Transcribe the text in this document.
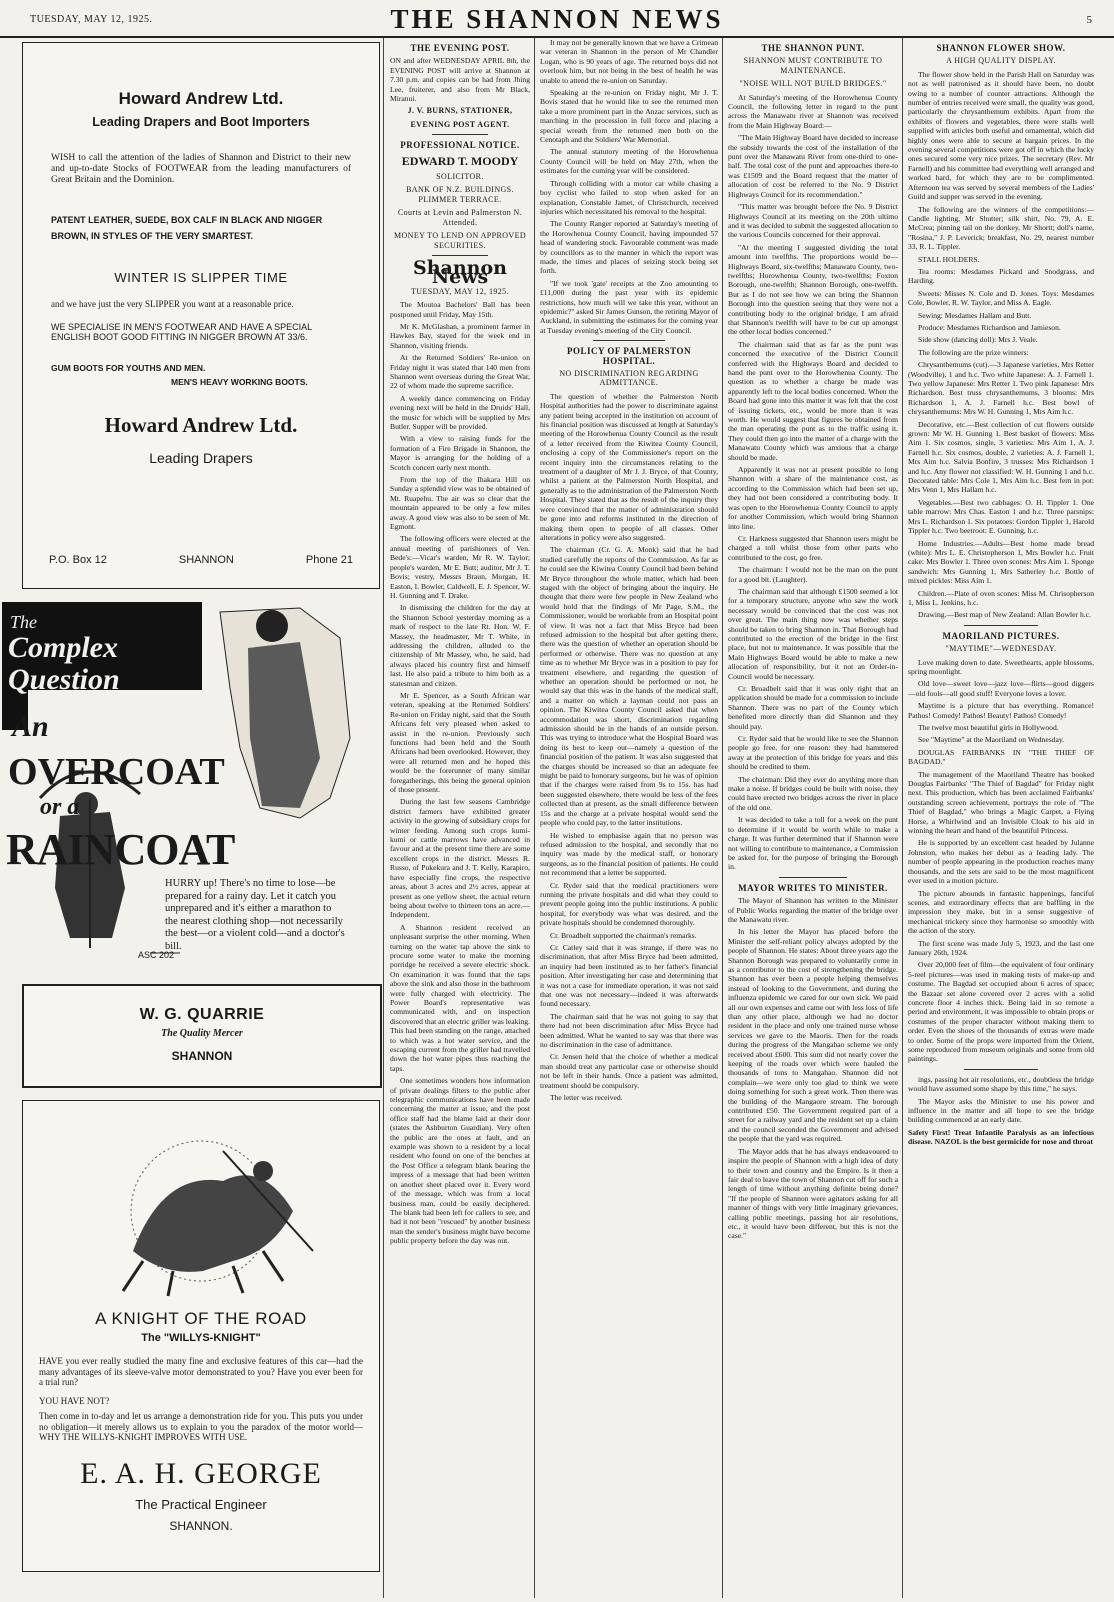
TUESDAY, MAY 12, 1925.	THE SHANNON NEWS	5
Howard Andrew Ltd.
Leading Drapers and Boot Importers
WISH to call the attention of the ladies of Shannon and District to their new and up-to-date Stocks of FOOTWEAR from the leading manufacturers of Great Britain and the Dominion.
PATENT LEATHER, SUEDE, BOX CALF IN BLACK AND NIGGER BROWN, IN STYLES OF THE VERY SMARTEST.
WINTER IS SLIPPER TIME
and we have just the very SLIPPER you want at a reasonable price.
WE SPECIALISE IN MEN'S FOOTWEAR AND HAVE A SPECIAL ENGLISH BOOT GOOD FITTING IN NIGGER BROWN AT 33/6.
GUM BOOTS FOR YOUTHS AND MEN.
MEN'S HEAVY WORKING BOOTS.
Howard Andrew Ltd.
Leading Drapers
P.O. Box 12	SHANNON	Phone 21
The
Complex Question
An
OVERCOAT
or a
RAINCOAT
HURRY up! There's no time to lose—be prepared for a rainy day. Let it catch you unprepared and it's either a marathon to the nearest clothing shop—not necessarily the best—or a violent cold—and a doctor's bill.
ASC 202
W. G. QUARRIE
The Quality Mercer
SHANNON
A KNIGHT OF THE ROAD
The "WILLYS-KNIGHT"
HAVE you ever really studied the many fine and exclusive features of this car—had the many advantages of its sleeve-valve motor demonstrated to you? Have you ever been for a trial run?
YOU HAVE NOT?
Then come in to-day and let us arrange a demonstration ride for you. This puts you under no obligation—it merely allows us to explain to you the paradox of the motor world—WHY THE WILLYS-KNIGHT IMPROVES WITH USE.
E. A. H. GEORGE
The Practical Engineer
SHANNON.
THE EVENING POST.

ON and after WEDNESDAY APRIL 8th, the EVENING POST will arrive at Shannon at 7.30 p.m. and copies can be had from Jhing Lee, fruiterer, and also from Mr Black, Miranui.

J. V. BURNS, STATIONER,
EVENING POST AGENT.
PROFESSIONAL NOTICE.
EDWARD T. MOODY
SOLICITOR.
BANK OF N.Z. BUILDINGS. PLIMMER TERRACE.
Courts at Levin and Palmerston N. Attended.
MONEY TO LEND ON APPROVED SECURITIES.
Shannon News
TUESDAY, MAY 12, 1925.

The Moutoa Bachelors' Ball has been postponed until Friday, May 15th.

Mr K. McGlashan, a prominent farmer in Hawkes Bay, stayed for the week end in Shannon, visiting friends.

At the Returned Soldiers' Re-union on Friday night it was stated that 140 men from Shannon went overseas during the Great War, 22 of whom made the supreme sacrifice.

A weekly dance commencing on Friday evening next will be held in the Druids' Hall, the music for which will be supplied by Mrs Butler. Supper will be provided.

With a view to raising funds for the formation of a Fire Brigade in Shannon, the Mayor is arranging for the holding of a Scotch concert early next month.

From the top of the Ihakara Hill on Sunday a splendid view was to be obtained of Mt. Ruapehu. The air was so clear that the mountain appeared to be only a few miles away. A good view was also to be seen of Mt. Egmont.

The following officers were elected at the annual meeting of parishioners of Ven. Bede's:—Vicar's warden, Mr R. W. Taylor; people's warden, Mr E. Butt; auditor, Mr J. T. Bovis; vestry, Messrs Braun, Morgan, H. Easton, I. Bowler, Caldwell, E. J. Spencer, W. H. Gunning and T. Drake.

In dismissing the children for the day at the Shannon School yesterday morning as a mark of respect to the late Rt. Hon. W. F. Massey, the headmaster, Mr T. White, in addressing the children, alluded to the citizenship of Mr Massey, who, he said, had always placed his country first and himself last. He also paid a tribute to him both as a statesman and citizen.

Mr E. Spencer, as a South African war veteran, speaking at the Returned Soldiers' Re-union on Friday night, said that the South Africans felt very pleased when asked to assist in the re-union. Previously such functions had been held and the South Africans had been overlooked. However, they were all returned men and he hoped this would be the forerunner of many similar foregatherings, this being the general opinion of those present.

During the last few seasons Cambridge district farmers have exhibited greater activity in the growing of subsidiary crops for winter feeding. Among such crops kumi-kumi or cattle marrows have advanced in favour and at the present time there are some excellent crops in the district. Messrs R. Russo, of Pukekura and J. T. Kelly, Karapiro, have especially fine crops, the respective areas, about 3 acres and 2½ acres, appear at present as one yellow sheet, the actual return being about twelve to thirteen tons an acre.—Independent.

A Shannon resident received an unpleasant surprise the other morning. When turning on the water tap above the sink to procure some water to make the morning porridge he received a severe electric shock. On examination it was found that the taps above the sink and also those in the bathroom were fully charged with electricity. The Power Board's representative was communicated with, and on inspection discovered that an electric griller was leaking. This had been standing on the range, attached to which was a hot water service, and the escaping current from the griller had travelled down the hot water pipes thus reaching the taps.

One sometimes wonders how information of private dealings filters to the public after telegraphic communications have been made concerning the matter at issue, and the post office staff had the blame laid at their door (states the Ashburton Guardian). Very often the public are the ones at fault, and an example was shown to a resident by a local resident who found on one of the benches at the Post Office a telegram blank bearing the impress of a message that had been written on another sheet placed over it. Every word of the message, which was from a local business man, could be easily deciphered. The blank had been left for callers to see, and had it not been "rescued" by another business man the sender's business might have become public property before the day was out.

It may not be generally known that we have a Crimean war veteran in Shannon in the person of Mr Chandler Logan, who is 90 years of age. The returned boys did not overlook him, but not being in the best of health he was unable to attend the re-union on Saturday.

Speaking at the re-union on Friday night, Mr J. T. Bovis stated that he would like to see the returned men take a more prominent part in the Anzac services, such as marching in the procession in full force and placing a special wreath from the returned men both on the Cenotaph and the Soldiers' War Memorial.

The annual statutory meeting of the Horowhenua County Council will be held on May 27th, when the estimates for the coming year will be considered.

Through colliding with a motor car while chasing a boy cyclist who failed to stop when asked for an explanation, Constable Jamet, of Christchurch, received injuries which necessitated his removal to the hospital.

The County Ranger reported at Saturday's meeting of the Horowhenua County Council, having impounded 57 head of wandering stock. Favourable comment was made by councillors as to the manner in which the report was made, the times and places of seizing stock being set forth.

"If we took 'gate' receipts at the Zoo amounting to £11,000 during the past year with its epidemic restrictions, how much will we take this year, without an epidemic?" asked Sir James Gunson, the retiring Mayor of Auckland, in submitting the estimates for the coming year at Tuesday evening's meeting of the City Council.

POLICY OF PALMERSTON HOSPITAL.
NO DISCRIMINATION REGARDING ADMITTANCE.

The question of whether the Palmerston North Hospital authorities had the power to discriminate against any patient being accepted in the institution on account of his financial position was discussed at length at Saturday's meeting of the Horowhenua County Council as the result of a letter received from the Kiwitea County Council, enclosing a copy of the Commissioner's report on the recent inquiry into the circumstances relating to the treatment of a daughter of Mr J. J. Bryce, of that County, whilst a patient at the Palmerston North Hospital, and generally as to the administration of the Palmerston North Hospital. They stated that as the result of the inquiry they were convinced that the matter of administration should be gone into and reforms instituted in the direction of making them open to people of all classes. Other alterations in policy were also suggested.

The chairman (Cr. G. A. Monk) said that he had studied carefully the reports of the Commission. As far as he could see the Kiwitea County Council had been behind Mr Bryce throughout the whole matter, which had been staged with the object of bringing about the inquiry. He thought that there were few people in New Zealand who would hold that the findings of Mr Page, S.M., the Commissioner, would be workable from an Hospital point of view. It was not a fact that Miss Bryce had been refused admission to the hospital but after getting there, there was the question of whether an operation should be performed or otherwise. There was no question at any time as to whether Mr Bryce was in a position to pay for treatment elsewhere, and regarding the question of whether an operation should be performed or not, he would say that this was in the hands of the medical staff, and a matter on which a layman could not pass an opinion. The Kiwitea County Council asked that when accommodation was short, discrimination regarding admission should be in the hands of an outside person. This was trying to introduce what the Hospital Board was doing its best to keep out—namely a question of the financial position of the patient. It was also suggested that the charges should be increased so that an adequate fee might be paid to honorary surgeons, but he was of opinion that if the charges were raised from 9s to 15s. has had been suggested elsewhere, there would be less of the fees collected than at present, as the small difference between 15s and the charge at a private hospital would send the people who could pay, to the latter institutions.

He wished to emphasise again that no person was refused admission to the hospital, and secondly that no inquiry was made by the medical staff, or honorary surgeons, as to the financial position of patients. He could not recommend that a letter be supported.

Cr. Ryder said that the medical practitioners were running the private hospitals and did what they could to prevent people going into the public institutions. A public hospital, for everybody was what was desired, and the private hospitals should be condemned thoroughly.

Cr. Broadbelt supported the chairman's remarks.

Cr. Catley said that it was strange, if there was no discrimination, that after Miss Bryce had been admitted, an inquiry had been instituted as to her father's financial position. After investigating her case and determining that it was not a case for immediate operation, it was not said that one was not necessary—indeed it was afterwards found necessary.

The chairman said that he was not going to say that there had not been discrimination after Miss Bryce had been admitted. What he wanted to say was that there was no discrimination in the case of admittance.

Cr. Jensen held that the choice of whether a medical man should treat any particular case or otherwise should not be left in their hands. Once a patient was admitted, treatment should be compulsory.

The letter was received.

THE SHANNON PUNT.
SHANNON MUST CONTRIBUTE TO MAINTENANCE.
"NOISE WILL NOT BUILD BRIDGES."

At Saturday's meeting of the Horowhenua County Council, the following letter in regard to the punt across the Manawatu river at Shannon was received from the Main Highway Board:—

"The Main Highway Board have decided to increase the subsidy towards the cost of the installation of the punt over the Manawatu River from one-third to one-half. The total cost of the punt and approaches there-to was £1509 and the Board request that the matter of allocation of cost be referred to the No. 9 District Highways Council for its recommendation."

"This matter was brought before the No. 9 District Highways Council at its meeting on the 20th ultimo and it was decided to submit the suggested allocation to the various Councils concerned for their approval.

"At the meeting I suggested dividing the total amount into twelfths. The proportions would be—Highways Board, six-twelfths; Manawatu County, two-twelfths; Horowhenua County, two-twelfths; Foxton Borough, one-twelfth; Shannon Borough, one-twelfth. But as I do not see how we can bring the Shannon Borough into the question seeing that they were not a contributing body to the original bridge, I am afraid that Shannon's twelfth will have to be cut up amongst the other local bodies concerned."

The chairman said that as far as the punt was concerned the executive of the District Council conferred with the Highways Board and decided to hand the punt over to the Horowhenua County. The question as to whether a charge be made was apparently left to the local bodies concerned. When the Board had gone into this matter it was felt that the cost of issuing tickets, etc., would be more than it was worth. He would suggest that figures be obtained from the man operating the punt as to the traffic using it. They could then go into the matter of a charge with the Manawatu County which was anxious that a charge should be made.

Apparently it was not at present possible to long Shannon with a share of the maintenance cost, as according to the Commission which had been set up, they had not been considered a contributing body. It was open to the Horowhenua County Council to apply for another Commission, which would bring Shannon into line.

Cr. Harkness suggested that Shannon users might be charged a toll whilst those from other parts who contributed to the cost, go free.

The chairman: I would not be the man on the punt for a good bit. (Laughter).

The chairman said that although £1500 seemed a lot for a temporary structure, anyone who saw the work necessary would be convinced that the cost was not over great. The main thing now was whether steps should be taken to bring Shannon in. That Borough had contributed to the erection of the bridge in the first place, but not to maintenance. It was possible that the Main Highways Board would be able to make a new allocation of responsibility, but it not an Order-in-Council would be necessary.

Cr. Broadbelt said that it was only right that an application should be made for a commission to include Shannon. There was no part of the County which benefited more directly than did Shannon and they should pay.

Cr. Ryder said that he would like to see the Shannon people go free, for one reason: they had hammered away at the protection of this bridge for years and this should be credited to them.

The chairman: Did they ever do anything more than make a noise. If bridges could be built with noise, they could have erected two bridges across the river in place of the old one.

It was decided to take a toll for a week on the punt to determine if it would be worth while to make a charge. It was further determined that if Shannon were not willing to contribute to maintenance, a Commission be asked for, for the purpose of bringing the Borough in.

MAYOR WRITES TO MINISTER.

The Mayor of Shannon has written to the Minister of Public Works regarding the matter of the bridge over the Manawatu river.

In his letter the Mayor has placed before the Minister the self-reliant policy always adopted by the people of Shannon. He states: About three years ago the Shannon Borough was prepared to voluntarily come in as a contributor to the cost of strengthening the bridge. Shannon has ever been a people helping themselves instead of looking to the Government, and during the influenza epidemic we cared for our own sick. We paid all our own expenses and came out with less loss of life than any other place, although we had no doctor resident in the place and only one trained nurse whose services we gave to the Maoris. Then for the roads during the progress of the Mangahao scheme we only received about £600. This sum did not nearly cover the keeping of the roads over which were hauled the thousands of tons to Mangahao. Shannon did not complain—we were only too glad to think we were doing something for such a great work. Then there was the building of the Mangaore stream. The borough contributed £50. The Government required part of a street for a railway yard and the resident set up a claim and the council seconded the Government and advised the people that the yard was required.

The Mayor adds that he has always endeavoured to inspire the people of Shannon with a high idea of duty to their town and country and the Empire. Is it then a fair deal to leave the town of Shannon cut off for such a length of time without anything definite being done? "If the people of Shannon were agitators asking for all manner of things with very little imaginary grievances, calling public meetings, passing hot air resolutions, etc., it would have been different, but this is not the case."

SHANNON FLOWER SHOW.
A HIGH QUALITY DISPLAY.

The flower show held in the Parish Hall on Saturday was not as well patronised as it should have been, no doubt owing to a number of counter attractions. Although the number of entries received were small, the quality was good, particularly the chrysanthemum exhibits. Apart from the exhibits of flowers and vegetables, there were stalls well supplied with articles both useful and ornamental, which did highly ones were able to secure at bargain prices. In the evening several competitions were got off in which the lucky ones secured some very nice prizes. The secretary (Rev. Mr Farnell) and his committee had everything well arranged and worked hard, for which they are to be complimented. Afternoon tea was served by several members of the Ladies' Guild and supper was served in the evening.

The following are the winners of the competitions:—Candle lighting, Mr Shutter; silk shirt, No. 79, A. E. McCrea; pinning tail on the donkey, Mr Shortt; doll's name, "Rosina," J. P. Leverick; breakfast, No. 29, nearest number 33, R. L. Tippler.

STALL HOLDERS.

Tea rooms: Mesdames Pickard and Snodgrass, and Harding.

Sweets: Misses N. Cole and D. Jones. Toys: Mesdames Cole, Bowler, R. W. Taylor, and Miss A. Eagle.

Sewing: Mesdames Hallam and Butt.

Produce: Mesdames Richardson and Jamieson.

Side show (dancing doll): Mrs J. Veale.

The following are the prize winners:

Chrysanthemums (cut).—3 Japanese varieties, Mrs Retter (Woodville), 1 and h.c. Two white Japanese: A. J. Farnell 1. Two yellow Japanese: Mrs Retter 1. Two pink Japanese: Mrs Richardson. Best truss chrysanthemums, 3 blooms: Mrs Richardson 1, A. J. Farnell h.c. Best bowl of chrysanthemums: Mrs W. H. Gunning 1, Mrs Aim h.c.

Decorative, etc.—Best collection of cut flowers outside grown: Mr W. H. Gunning 1. Best basket of flowers: Miss Aim 1. Six cosmos, single, 3 varieties: Mrs Aim 1, A. J. Farnell h.c. Six cosmos, double, 2 varieties: A. J. Farnell 1, Mrs Aim h.c. Salvia Bonfire, 3 trusses: Mrs Richardson 1 and h.c. Any flower not classified: W. H. Gunning 1 and h.c. Decorated table: Mrs Cole 1, Mrs Aim h.c. Best fern in pot: Mrs Venn 1, Mrs Hallam h.c.

Vegetables.—Best two cabbages: O. H. Tippler 1. One table marrow: Mrs Chas. Easton 1 and h.c. Three parsnips: Mrs L. Richardson 1. Six potatoes: Gordon Tippler 1, Harold Tippler h.c. Two beetroot: E. Gunning, h.c.

Home Industries.—Adults—Best home made bread (white): Mrs L. E. Christopherson 1, Mrs Bowler h.c. Fruit cake: Mrs Bowler 1. Three oven scones: Mrs Aim 1. Sponge sandwich: Mrs Gunning 1, Mrs Satherley h.c. Bottle of mixed pickles: Miss Aim 1.

Children.—Plate of oven scones: Miss M. Chrisopherson 1, Miss L. Jenkins, h.c.

Drawing.—Best map of New Zealand: Allan Bowler h.c.

MAORILAND PICTURES.
"MAYTIME"—WEDNESDAY.

Love making down to date. Sweethearts, apple blossoms, spring moonlight.

Old love—sweet love—jazz love—flirts—good diggers—old fools—all good stuff! Everyone loves a lover.

Maytime is a picture that has everything. Romance! Pathos! Comedy! Pathos! Beauty! Pathos! Comedy!

The twelve most beautiful girls in Hollywood.

See "Maytime" at the Maoriland on Wednesday.

DOUGLAS FAIRBANKS IN "THE THIEF OF BAGDAD."

The management of the Maoriland Theatre has booked Douglas Fairbanks' "The Thief of Bagdad" for Friday night next. This production, which has been acclaimed Fairbanks' outstanding screen achievement, portrays the role of "The Thief of Bagdad," who brings a Magic Carpet, a Flying Horse, a Whirlwind and an Invisible Cloak to his aid in winning the heart and hand of the beautiful Princess.

He is supported by an excellent cast headed by Julanne Johnston, who makes her debut as a leading lady. The number of people appearing in the production reaches many thousands, and the sets are said to be the most magnificent ever used in a motion picture.

The picture abounds in fantastic happenings, fanciful scenes, and extraordinary effects that are baffling in the impression they make, but in a sense suggestive of mechanical trickery since they harmonise so smoothly with the action of the story.

The first scene was made July 5, 1923, and the last one January 26th, 1924.

Over 20,000 feet of film—the equivalent of four ordinary 5-reel pictures—was used in making tests of make-up and costume. The Bagdad set occupied about 6 acres of space; the Bazaar set alone covered over 2 acres with a solid concrete floor 4 inches thick. Being laid in so remote a period and environment, it was impossible to obtain props or costumes of the proper character without making them to order. Even the shoes of the thousands of extras were made to order. Some of the props were imported from the Orient, some reproduced from museum originals and some from old paintings.

ings, passing hot air resolutions, etc., doubtless the bridge would have assumed some shape by this time," he says.

The Mayor asks the Minister to use his power and influence in the matter and all hope to see the bridge building commenced at an early date.

Safety First! Treat Infantile Paralysis as an infectious disease. NAZOL is the best germicide for nose and throat
